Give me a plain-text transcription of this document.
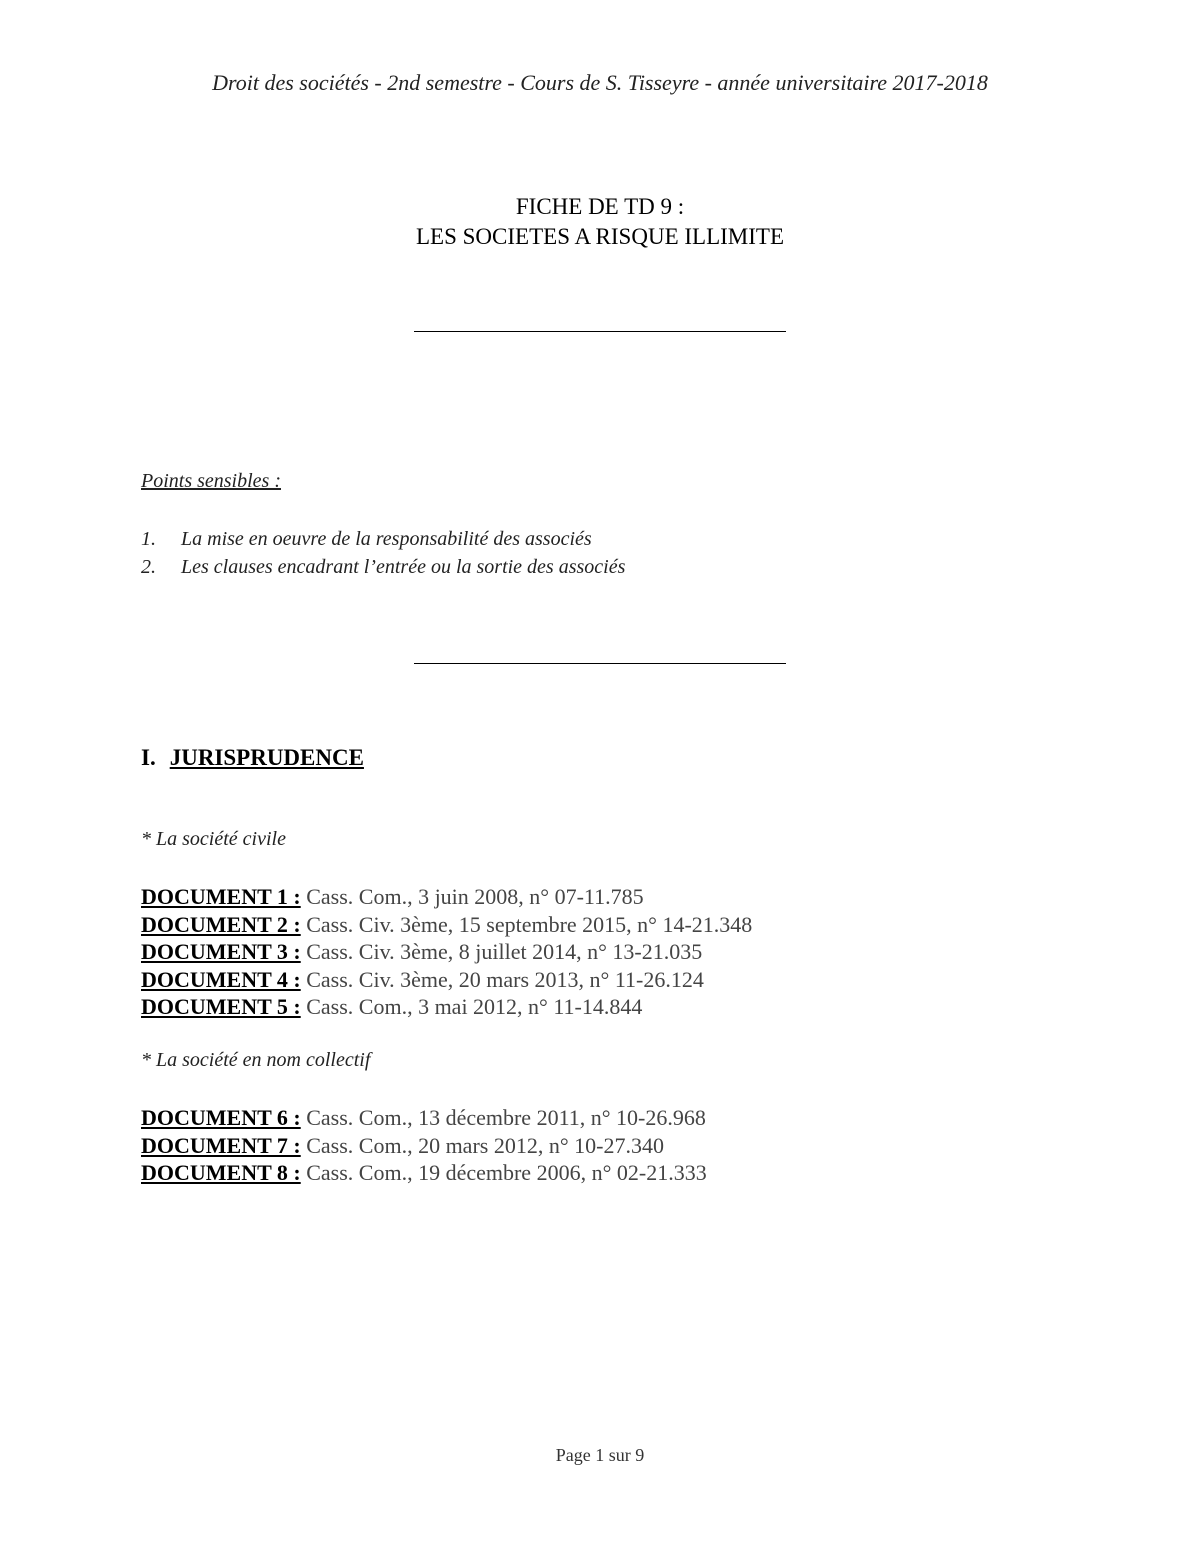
Droit des sociétés - 2nd semestre - Cours de S. Tisseyre - année universitaire 2017-2018
FICHE DE TD 9 :
LES SOCIETES A RISQUE ILLIMITE
Points sensibles :
1.	La mise en oeuvre de la responsabilité des associés
2.	Les clauses encadrant l’entrée ou la sortie des associés
I. JURISPRUDENCE
* La société civile
DOCUMENT 1 : Cass. Com., 3 juin 2008, n° 07-11.785
DOCUMENT 2 : Cass. Civ. 3ème, 15 septembre 2015, n° 14-21.348
DOCUMENT 3 : Cass. Civ. 3ème, 8 juillet 2014, n° 13-21.035
DOCUMENT 4 : Cass. Civ. 3ème, 20 mars 2013, n° 11-26.124
DOCUMENT 5 : Cass. Com., 3 mai 2012, n° 11-14.844
* La société en nom collectif
DOCUMENT 6 : Cass. Com., 13 décembre 2011, n° 10-26.968
DOCUMENT 7 : Cass. Com., 20 mars 2012, n° 10-27.340
DOCUMENT 8 : Cass. Com., 19 décembre 2006, n° 02-21.333
Page 1 sur 9
